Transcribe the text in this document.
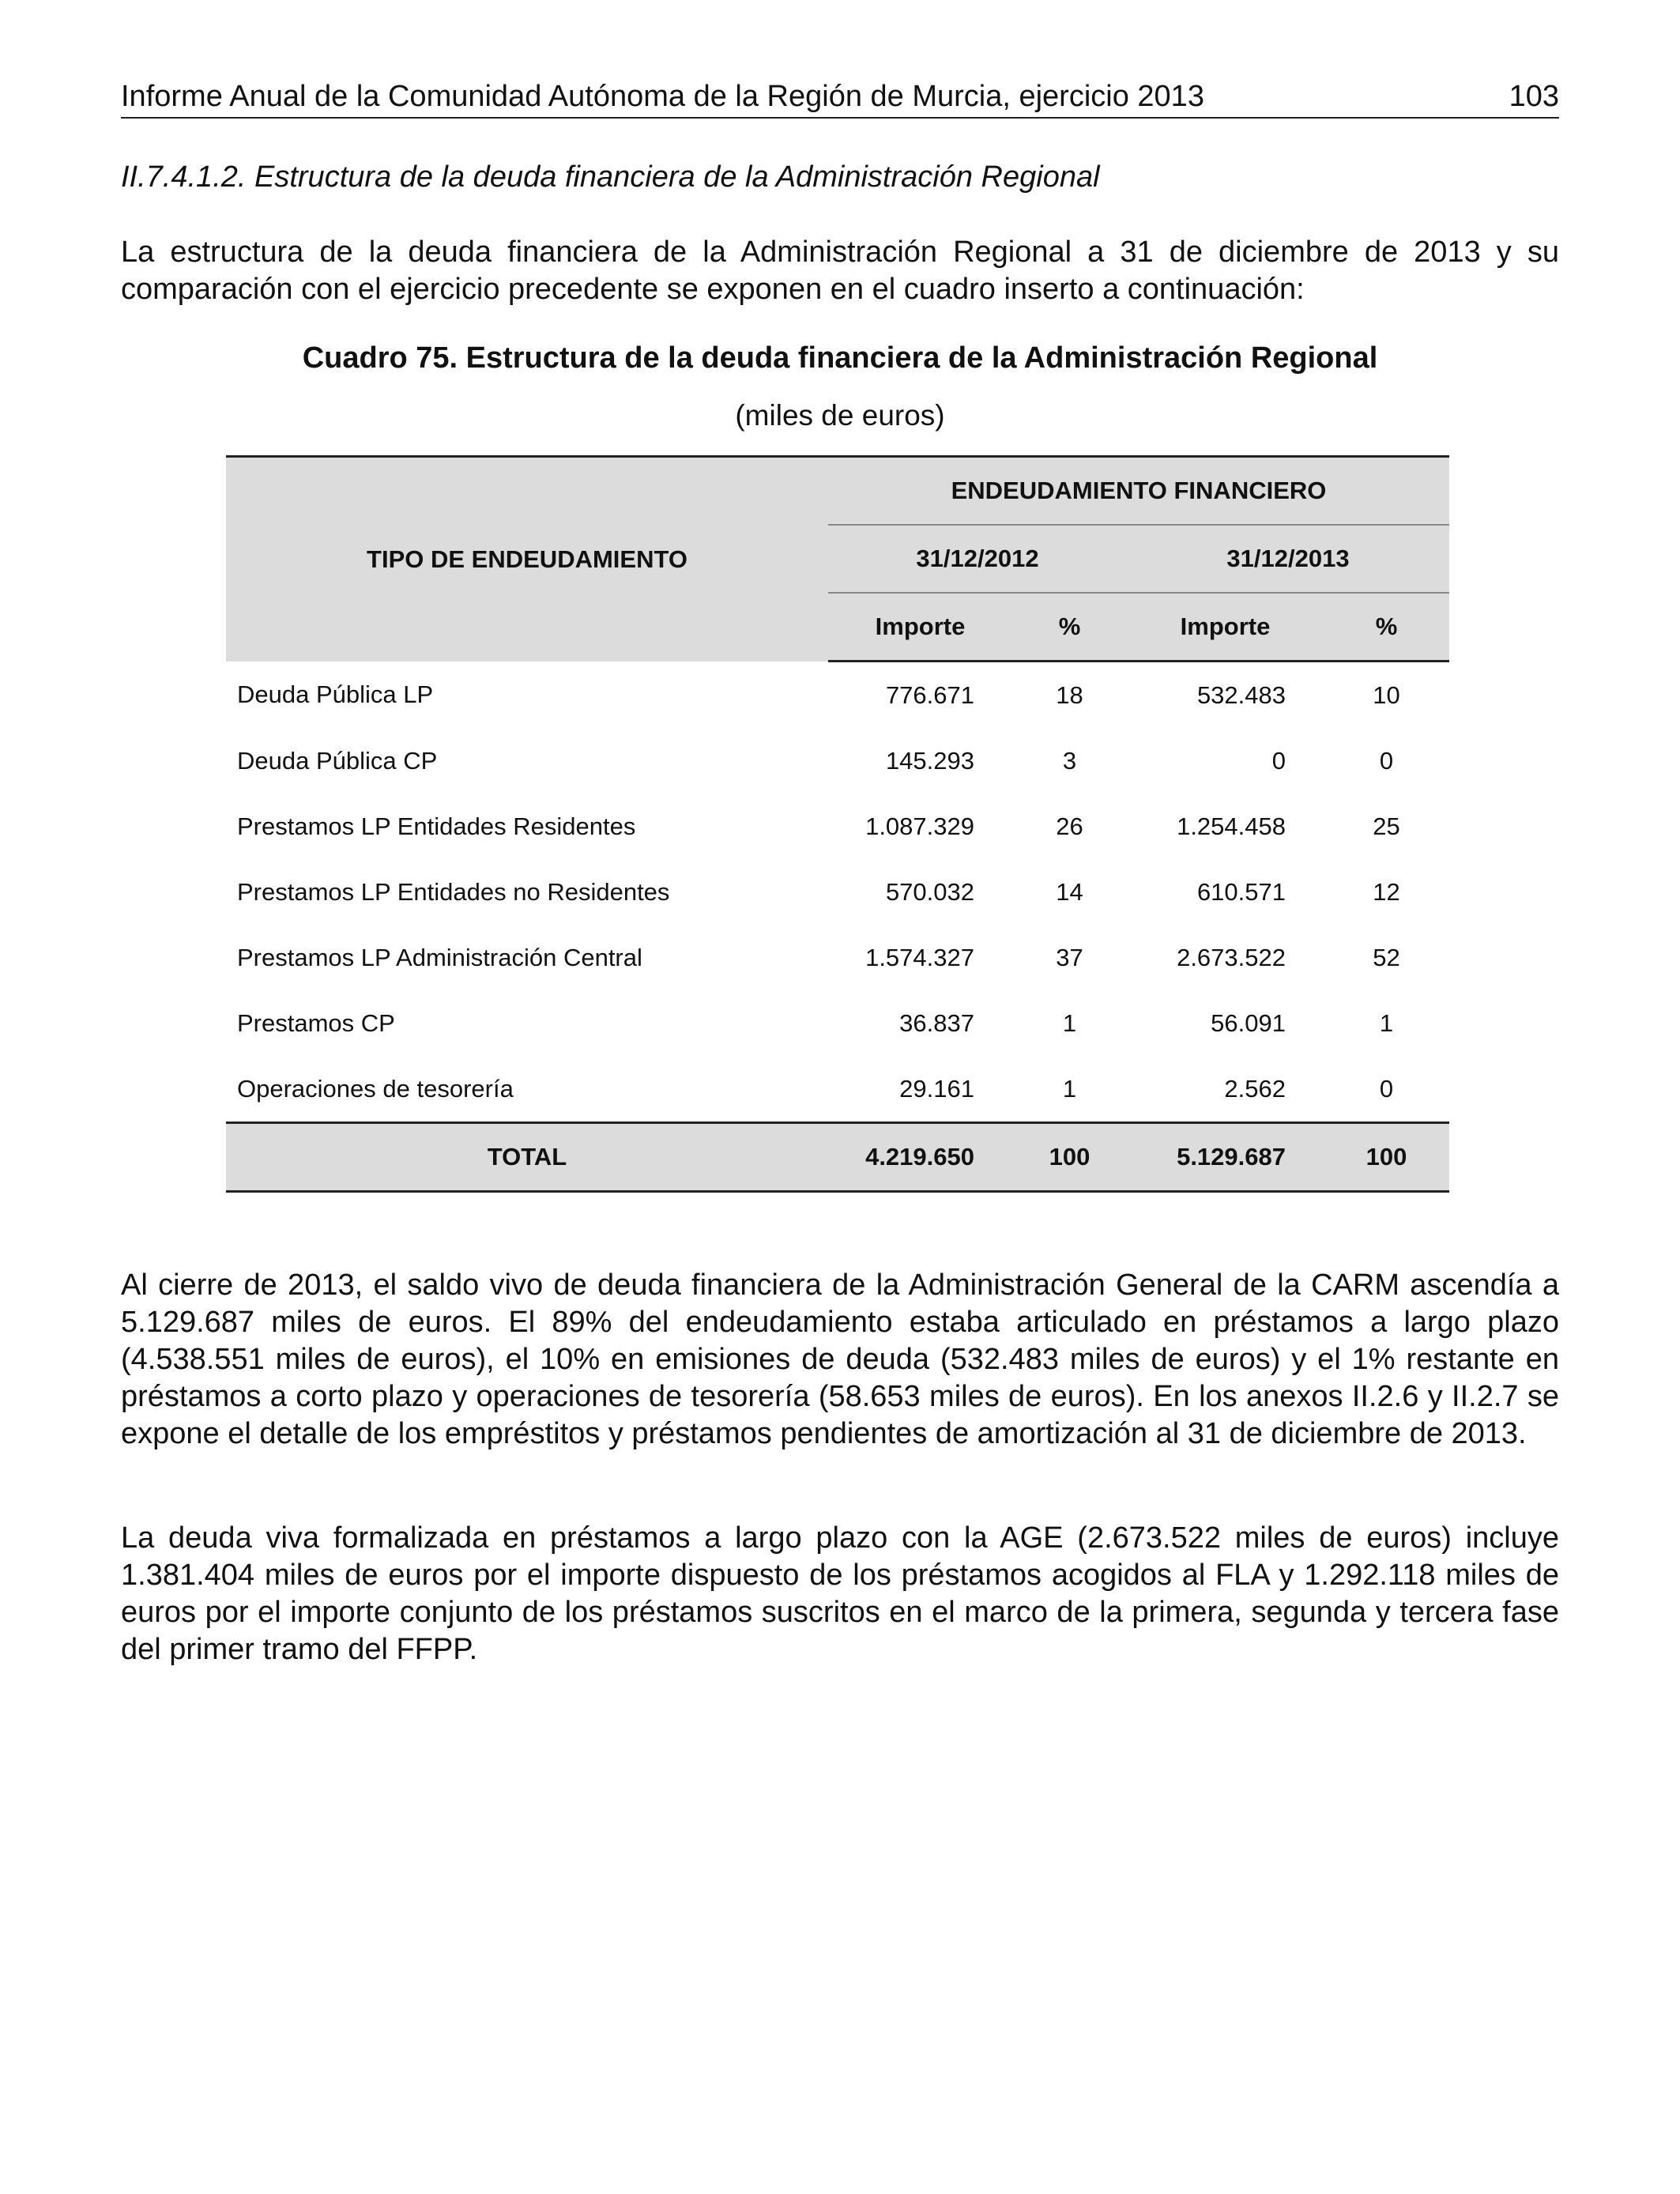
Informe Anual de la Comunidad Autónoma de la Región de Murcia, ejercicio 2013	103
II.7.4.1.2. Estructura de la deuda financiera de la Administración Regional

La estructura de la deuda financiera de la Administración Regional a 31 de diciembre de 2013 y su comparación con el ejercicio precedente se exponen en el cuadro inserto a continuación:

Cuadro 75. Estructura de la deuda financiera de la Administración Regional
(miles de euros)
TIPO DE ENDEUDAMIENTO	ENDEUDAMIENTO FINANCIERO			
	31/12/2012		31/12/2013	
	Importe	%	Importe	%
Deuda Pública LP	776.671	18	532.483	10
Deuda Pública CP	145.293	3	0	0
Prestamos LP Entidades Residentes	1.087.329	26	1.254.458	25
Prestamos LP Entidades no Residentes	570.032	14	610.571	12
Prestamos LP Administración Central	1.574.327	37	2.673.522	52
Prestamos CP	36.837	1	56.091	1
Operaciones de tesorería	29.161	1	2.562	0
TOTAL	4.219.650	100	5.129.687	100

Al cierre de 2013, el saldo vivo de deuda financiera de la Administración General de la CARM ascendía a 5.129.687 miles de euros. El 89% del endeudamiento estaba articulado en préstamos a largo plazo (4.538.551 miles de euros), el 10% en emisiones de deuda (532.483 miles de euros) y el 1% restante en préstamos a corto plazo y operaciones de tesorería (58.653 miles de euros). En los anexos II.2.6 y II.2.7 se expone el detalle de los empréstitos y préstamos pendientes de amortización al 31 de diciembre de 2013.

La deuda viva formalizada en préstamos a largo plazo con la AGE (2.673.522 miles de euros) incluye 1.381.404 miles de euros por el importe dispuesto de los préstamos acogidos al FLA y 1.292.118 miles de euros por el importe conjunto de los préstamos suscritos en el marco de la primera, segunda y tercera fase del primer tramo del FFPP.
